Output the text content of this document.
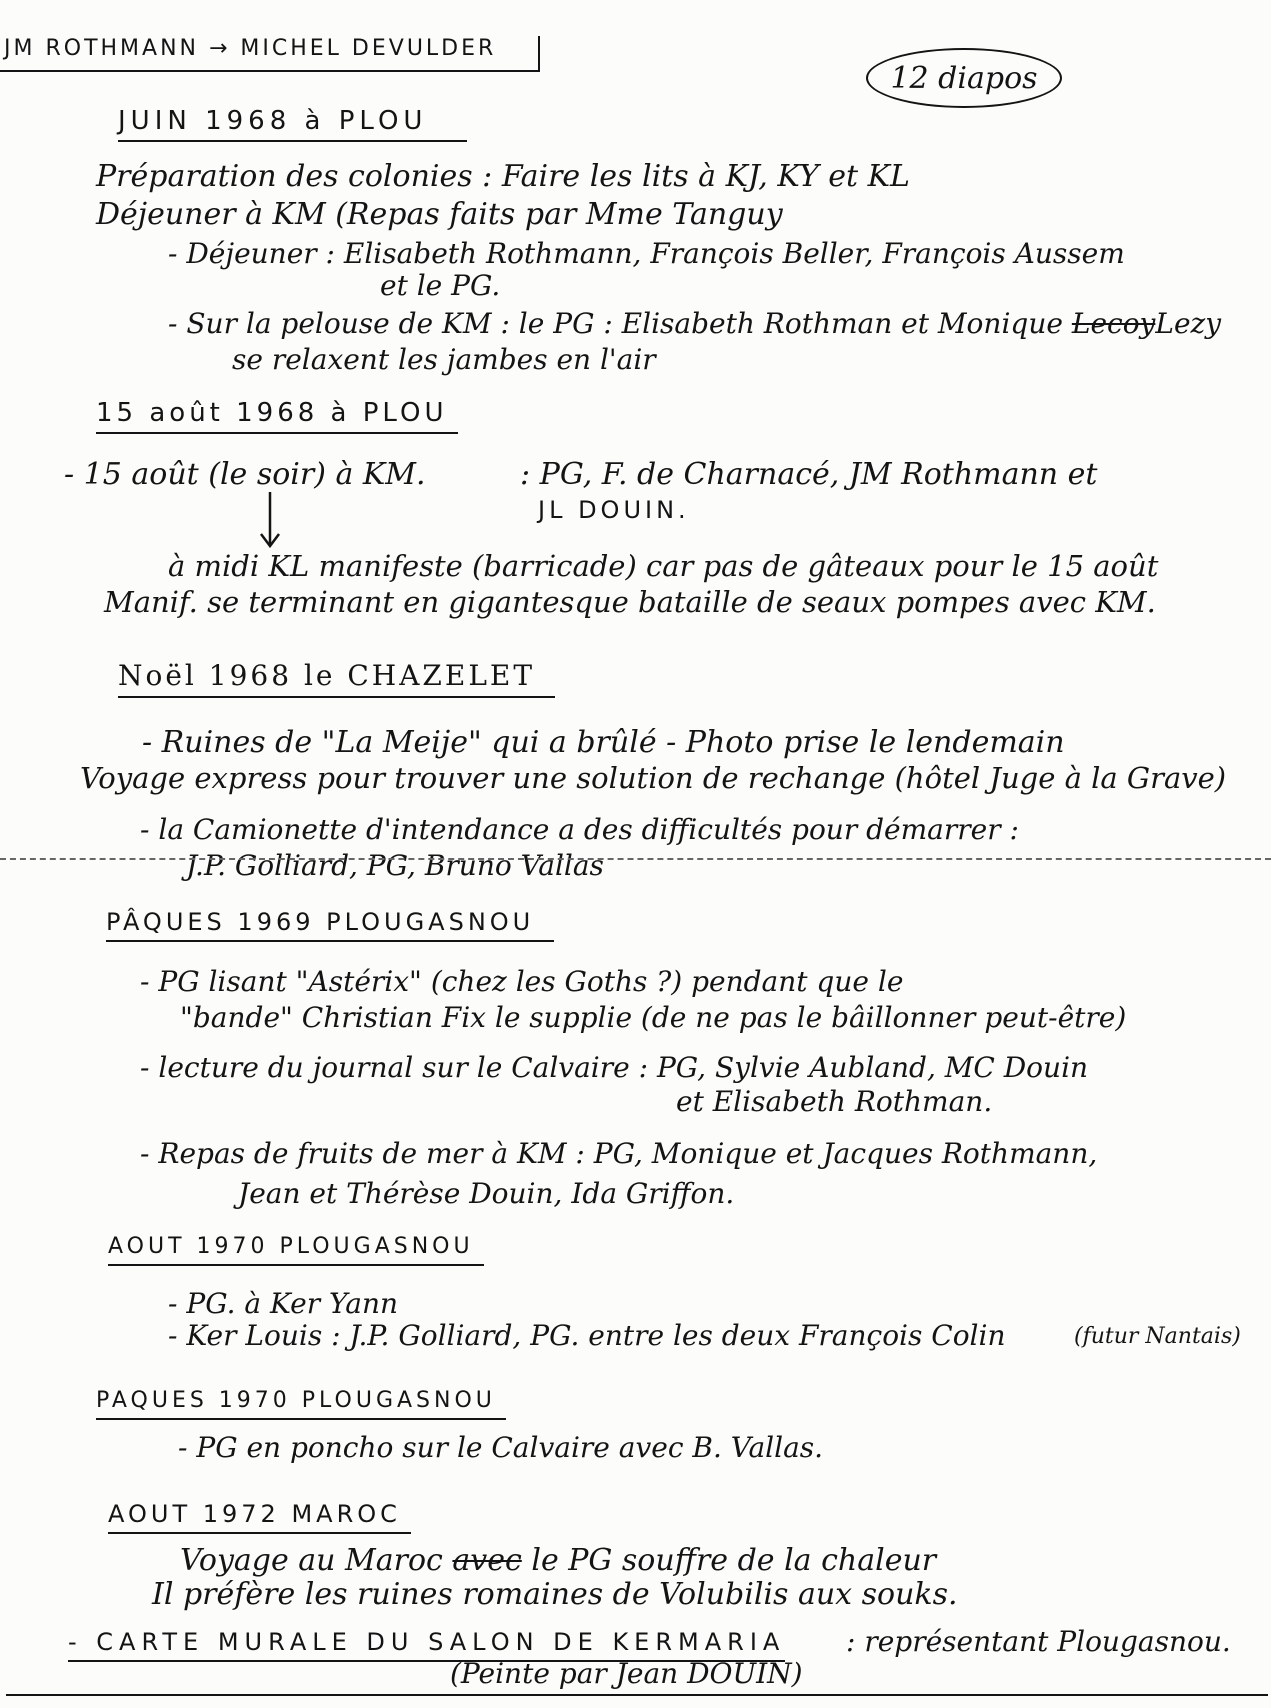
JM ROTHMANN → MICHEL DEVULDER
12 diapos
JUIN 1968 à PLOU
Préparation des colonies : Faire les lits à KJ, KY et KL
Déjeuner à KM (Repas faits par Mme Tanguy
- Déjeuner : Elisabeth Rothmann, François Beller, François Aussem
et le PG.
- Sur la pelouse de KM : le PG : Elisabeth Rothman et Monique LecoyLezy
se relaxent les jambes en l'air
15 août 1968 à PLOU
- 15 août (le soir) à KM.	: PG, F. de Charnacé, JM Rothmann et
JL DOUIN.
à midi KL manifeste (barricade) car pas de gâteaux pour le 15 août
Manif. se terminant en gigantesque bataille de seaux pompes avec KM.
Noël 1968 le CHAZELET
- Ruines de "La Meije" qui a brûlé - Photo prise le lendemain
Voyage express pour trouver une solution de rechange (hôtel Juge à la Grave)
- la Camionette d'intendance a des difficultés pour démarrer :
J.P. Golliard, PG, Bruno Vallas
PÂQUES 1969 PLOUGASNOU
- PG lisant "Astérix" (chez les Goths ?) pendant que le
"bande" Christian Fix le supplie (de ne pas le bâillonner peut-être)
- lecture du journal sur le Calvaire : PG, Sylvie Aubland, MC Douin
et Elisabeth Rothman.
- Repas de fruits de mer à KM : PG, Monique et Jacques Rothmann,
Jean et Thérèse Douin, Ida Griffon.
AOUT 1970 PLOUGASNOU
- PG. à Ker Yann
- Ker Louis : J.P. Golliard, PG. entre les deux François Colin	(futur Nantais)
PAQUES 1970 PLOUGASNOU
- PG en poncho sur le Calvaire avec B. Vallas.
AOUT 1972 MAROC
Voyage au Maroc avec le PG souffre de la chaleur
Il préfère les ruines romaines de Volubilis aux souks.
- CARTE MURALE DU SALON DE KERMARIA : représentant Plougasnou.
(Peinte par Jean DOUIN)
